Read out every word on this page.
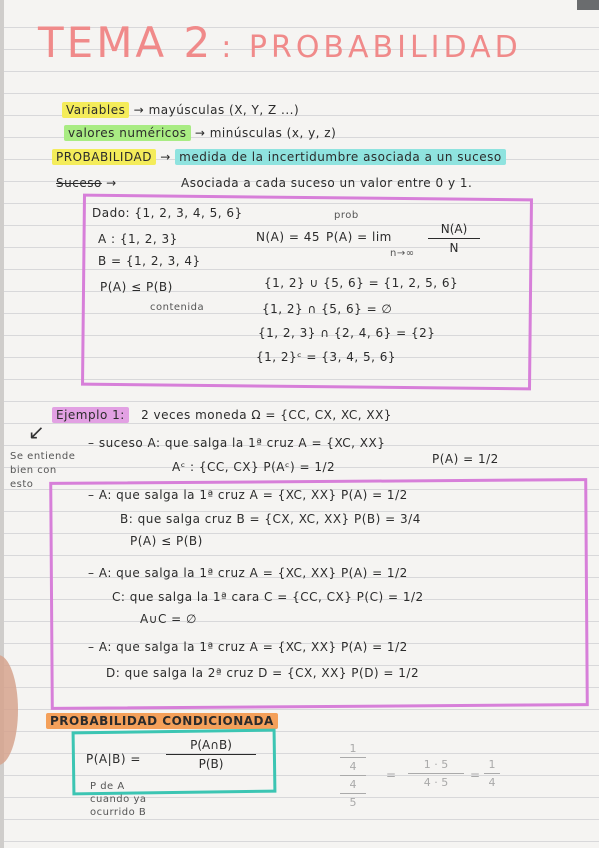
TEMA 2 : PROBABILIDAD
Variables → mayúsculas (X, Y, Z ...)
valores numéricos → minúsculas (x, y, z)
PROBABILIDAD → medida de la incertidumbre asociada a un suceso
Suceso →	Asociada a cada suceso un valor entre 0 y 1.
Dado: {1, 2, 3, 4, 5, 6}
A : {1, 2, 3}
B = {1, 2, 3, 4}
P(A) ≤ P(B)
contenida
N(A) = 45
prob
P(A) = lim
n→∞
N(A)
N
{1, 2} ∪ {5, 6} = {1, 2, 5, 6}
{1, 2} ∩ {5, 6} = ∅
{1, 2, 3} ∩ {2, 4, 6} = {2}
{1, 2}ᶜ = {3, 4, 5, 6}
Ejemplo 1: 2 veces moneda Ω = {CC, CX, XC, XX}
↙
Se entiende
bien con
esto
– suceso A: que salga la 1ª cruz A = {XC, XX}
Aᶜ : {CC, CX} P(Aᶜ) = 1/2
P(A) = 1/2
– A: que salga la 1ª cruz A = {XC, XX} P(A) = 1/2
B: que salga cruz B = {CX, XC, XX} P(B) = 3/4
P(A) ≤ P(B)
– A: que salga la 1ª cruz A = {XC, XX} P(A) = 1/2
C: que salga la 1ª cara C = {CC, CX} P(C) = 1/2
A∪C = ∅
– A: que salga la 1ª cruz A = {XC, XX} P(A) = 1/2
D: que salga la 2ª cruz D = {CX, XX} P(D) = 1/2
PROBABILIDAD CONDICIONADA
P(A|B) =
P(A∩B)
P(B)
P de A
cuando ya
ocurrido B
1
4
4
5
=
1 · 5
4 · 5
=
1
4
